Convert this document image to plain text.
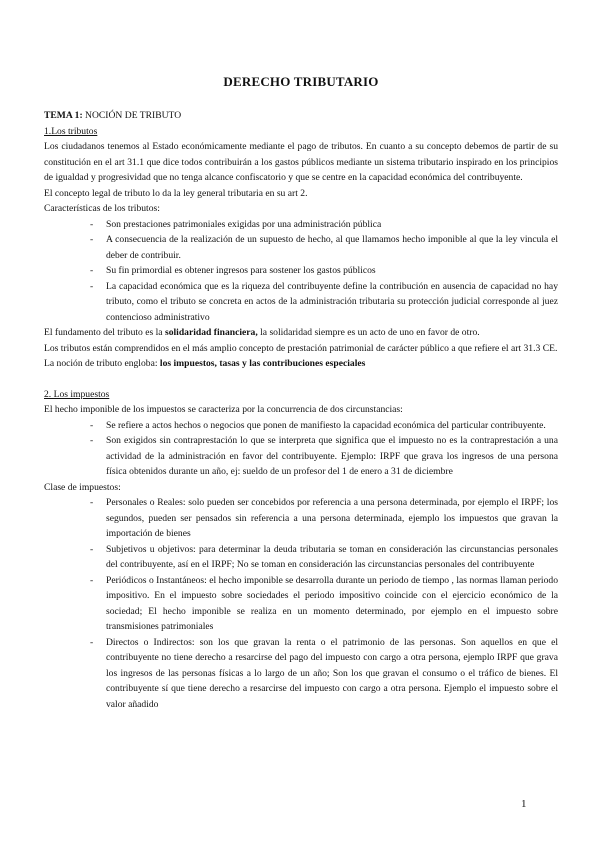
DERECHO TRIBUTARIO

TEMA 1: NOCIÓN DE TRIBUTO

1.Los tributos

Los ciudadanos tenemos al Estado económicamente mediante el pago de tributos. En cuanto a su concepto debemos de partir de su constitución en el art 31.1 que dice todos contribuirán a los gastos públicos mediante un sistema tributario inspirado en los principios de igualdad y progresividad que no tenga alcance confiscatorio y que se centre en la capacidad económica del contribuyente.

El concepto legal de tributo lo da la ley general tributaria en su art 2.

Características de los tributos:

- Son prestaciones patrimoniales exigidas por una administración pública
- A consecuencia de la realización de un supuesto de hecho, al que llamamos hecho imponible al que la ley vincula el deber de contribuir.
- Su fin primordial es obtener ingresos para sostener los gastos públicos
- La capacidad económica que es la riqueza del contribuyente define la contribución en ausencia de capacidad no hay tributo, como el tributo se concreta en actos de la administración tributaria su protección judicial corresponde al juez contencioso administrativo

El fundamento del tributo es la solidaridad financiera, la solidaridad siempre es un acto de uno en favor de otro.

Los tributos están comprendidos en el más amplio concepto de prestación patrimonial de carácter público a que refiere el art 31.3 CE.

La noción de tributo engloba: los impuestos, tasas y las contribuciones especiales

2. Los impuestos

El hecho imponible de los impuestos se caracteriza por la concurrencia de dos circunstancias:

- Se refiere a actos hechos o negocios que ponen de manifiesto la capacidad económica del particular contribuyente.
- Son exigidos sin contraprestación lo que se interpreta que significa que el impuesto no es la contraprestación a una actividad de la administración en favor del contribuyente. Ejemplo: IRPF que grava los ingresos de una persona física obtenidos durante un año, ej: sueldo de un profesor del 1 de enero a 31 de diciembre

Clase de impuestos:

- Personales o Reales: solo pueden ser concebidos por referencia a una persona determinada, por ejemplo el IRPF; los segundos, pueden ser pensados sin referencia a una persona determinada, ejemplo los impuestos que gravan la importación de bienes
- Subjetivos u objetivos: para determinar la deuda tributaria se toman en consideración las circunstancias personales del contribuyente, así en el IRPF; No se toman en consideración las circunstancias personales del contribuyente
- Periódicos o Instantáneos: el hecho imponible se desarrolla durante un periodo de tiempo , las normas llaman periodo impositivo. En el impuesto sobre sociedades el periodo impositivo coincide con el ejercicio económico de la sociedad; El hecho imponible se realiza en un momento determinado, por ejemplo en el impuesto sobre transmisiones patrimoniales
- Directos o Indirectos: son los que gravan la renta o el patrimonio de las personas. Son aquellos en que el contribuyente no tiene derecho a resarcirse del pago del impuesto con cargo a otra persona, ejemplo IRPF que grava los ingresos de las personas físicas a lo largo de un año; Son los que gravan el consumo o el tráfico de bienes. El contribuyente sí que tiene derecho a resarcirse del impuesto con cargo a otra persona. Ejemplo el impuesto sobre el valor añadido
1
